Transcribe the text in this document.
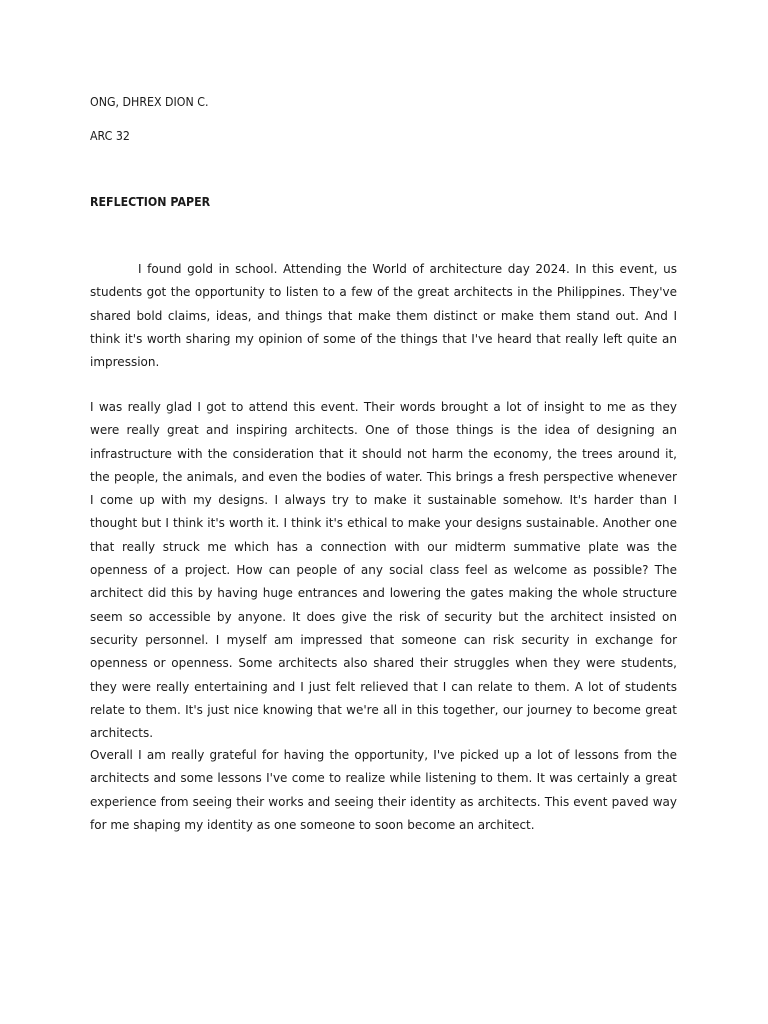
ONG, DHREX DION C.
ARC 32
REFLECTION PAPER

I found gold in school. Attending the World of architecture day 2024. In this event, us students got the opportunity to listen to a few of the great architects in the Philippines. They've shared bold claims, ideas, and things that make them distinct or make them stand out. And I think it's worth sharing my opinion of some of the things that I've heard that really left quite an impression.

I was really glad I got to attend this event. Their words brought a lot of insight to me as they were really great and inspiring architects. One of those things is the idea of designing an infrastructure with the consideration that it should not harm the economy, the trees around it, the people, the animals, and even the bodies of water. This brings a fresh perspective whenever I come up with my designs. I always try to make it sustainable somehow. It's harder than I thought but I think it's worth it. I think it's ethical to make your designs sustainable. Another one that really struck me which has a connection with our midterm summative plate was the openness of a project. How can people of any social class feel as welcome as possible? The architect did this by having huge entrances and lowering the gates making the whole structure seem so accessible by anyone. It does give the risk of security but the architect insisted on security personnel. I myself am impressed that someone can risk security in exchange for openness or openness. Some architects also shared their struggles when they were students, they were really entertaining and I just felt relieved that I can relate to them. A lot of students relate to them. It's just nice knowing that we're all in this together, our journey to become great architects.

Overall I am really grateful for having the opportunity, I've picked up a lot of lessons from the architects and some lessons I've come to realize while listening to them. It was certainly a great experience from seeing their works and seeing their identity as architects. This event paved way for me shaping my identity as one someone to soon become an architect.
